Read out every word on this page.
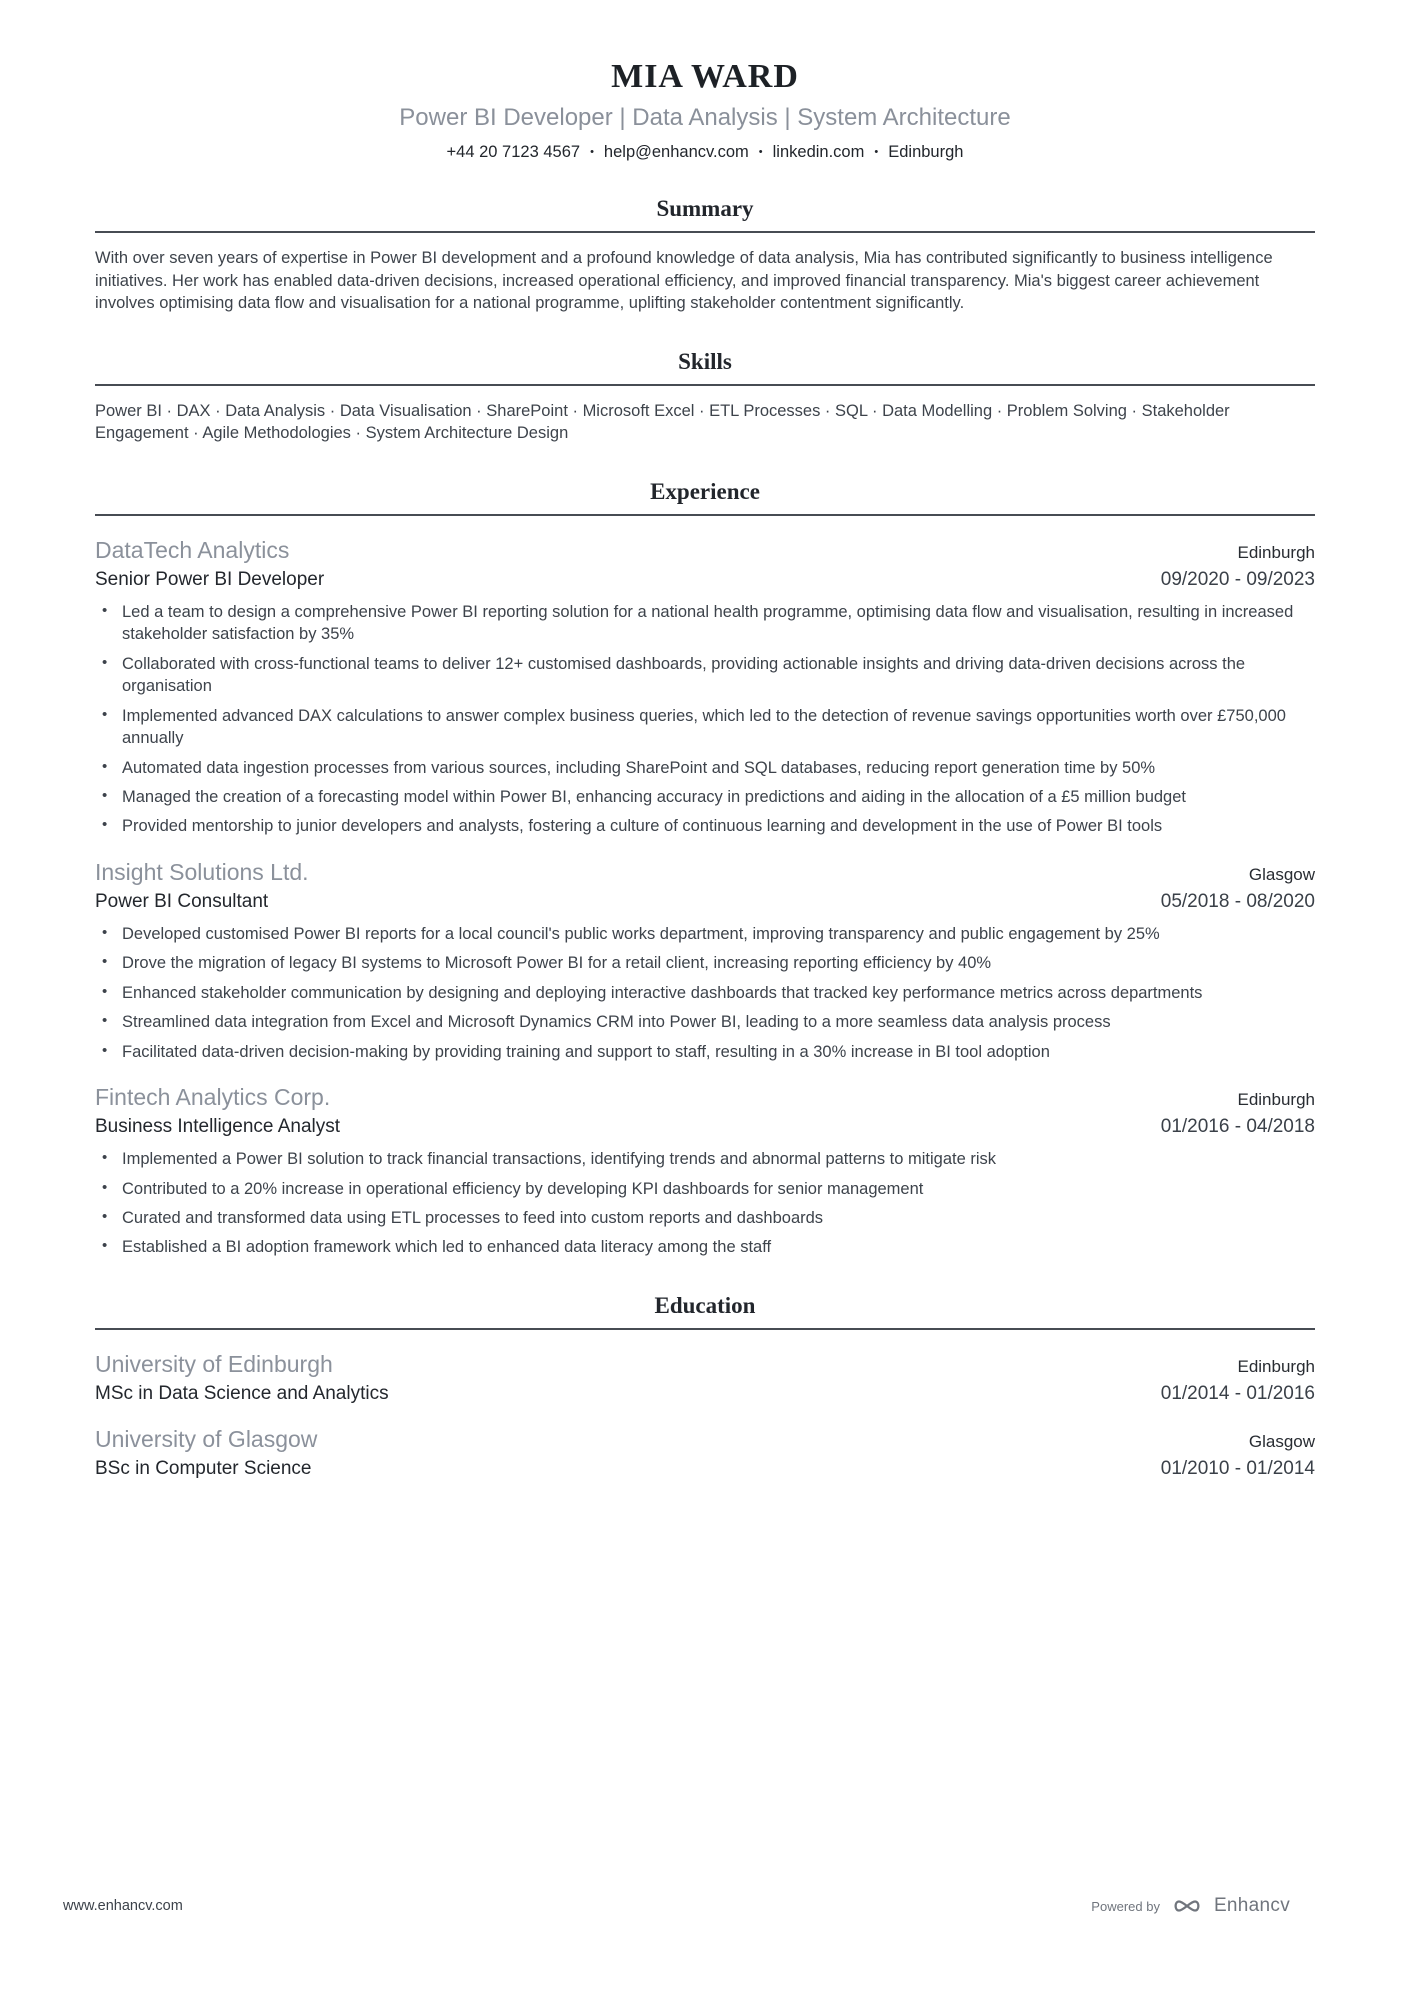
MIA WARD
Power BI Developer | Data Analysis | System Architecture
+44 20 7123 4567 • help@enhancv.com • linkedin.com • Edinburgh
Summary
With over seven years of expertise in Power BI development and a profound knowledge of data analysis, Mia has contributed significantly to business intelligence initiatives. Her work has enabled data-driven decisions, increased operational efficiency, and improved financial transparency. Mia's biggest career achievement involves optimising data flow and visualisation for a national programme, uplifting stakeholder contentment significantly.
Skills
Power BI · DAX · Data Analysis · Data Visualisation · SharePoint · Microsoft Excel · ETL Processes · SQL · Data Modelling · Problem Solving · Stakeholder Engagement · Agile Methodologies · System Architecture Design
Experience
DataTech Analytics	Edinburgh
Senior Power BI Developer	09/2020 - 09/2023
• Led a team to design a comprehensive Power BI reporting solution for a national health programme, optimising data flow and visualisation, resulting in increased stakeholder satisfaction by 35%
• Collaborated with cross-functional teams to deliver 12+ customised dashboards, providing actionable insights and driving data-driven decisions across the organisation
• Implemented advanced DAX calculations to answer complex business queries, which led to the detection of revenue savings opportunities worth over £750,000 annually
• Automated data ingestion processes from various sources, including SharePoint and SQL databases, reducing report generation time by 50%
• Managed the creation of a forecasting model within Power BI, enhancing accuracy in predictions and aiding in the allocation of a £5 million budget
• Provided mentorship to junior developers and analysts, fostering a culture of continuous learning and development in the use of Power BI tools
Insight Solutions Ltd.	Glasgow
Power BI Consultant	05/2018 - 08/2020
• Developed customised Power BI reports for a local council's public works department, improving transparency and public engagement by 25%
• Drove the migration of legacy BI systems to Microsoft Power BI for a retail client, increasing reporting efficiency by 40%
• Enhanced stakeholder communication by designing and deploying interactive dashboards that tracked key performance metrics across departments
• Streamlined data integration from Excel and Microsoft Dynamics CRM into Power BI, leading to a more seamless data analysis process
• Facilitated data-driven decision-making by providing training and support to staff, resulting in a 30% increase in BI tool adoption
Fintech Analytics Corp.	Edinburgh
Business Intelligence Analyst	01/2016 - 04/2018
• Implemented a Power BI solution to track financial transactions, identifying trends and abnormal patterns to mitigate risk
• Contributed to a 20% increase in operational efficiency by developing KPI dashboards for senior management
• Curated and transformed data using ETL processes to feed into custom reports and dashboards
• Established a BI adoption framework which led to enhanced data literacy among the staff
Education
University of Edinburgh	Edinburgh
MSc in Data Science and Analytics	01/2014 - 01/2016
University of Glasgow	Glasgow
BSc in Computer Science	01/2010 - 01/2014
www.enhancv.com	Powered by	Enhancv
